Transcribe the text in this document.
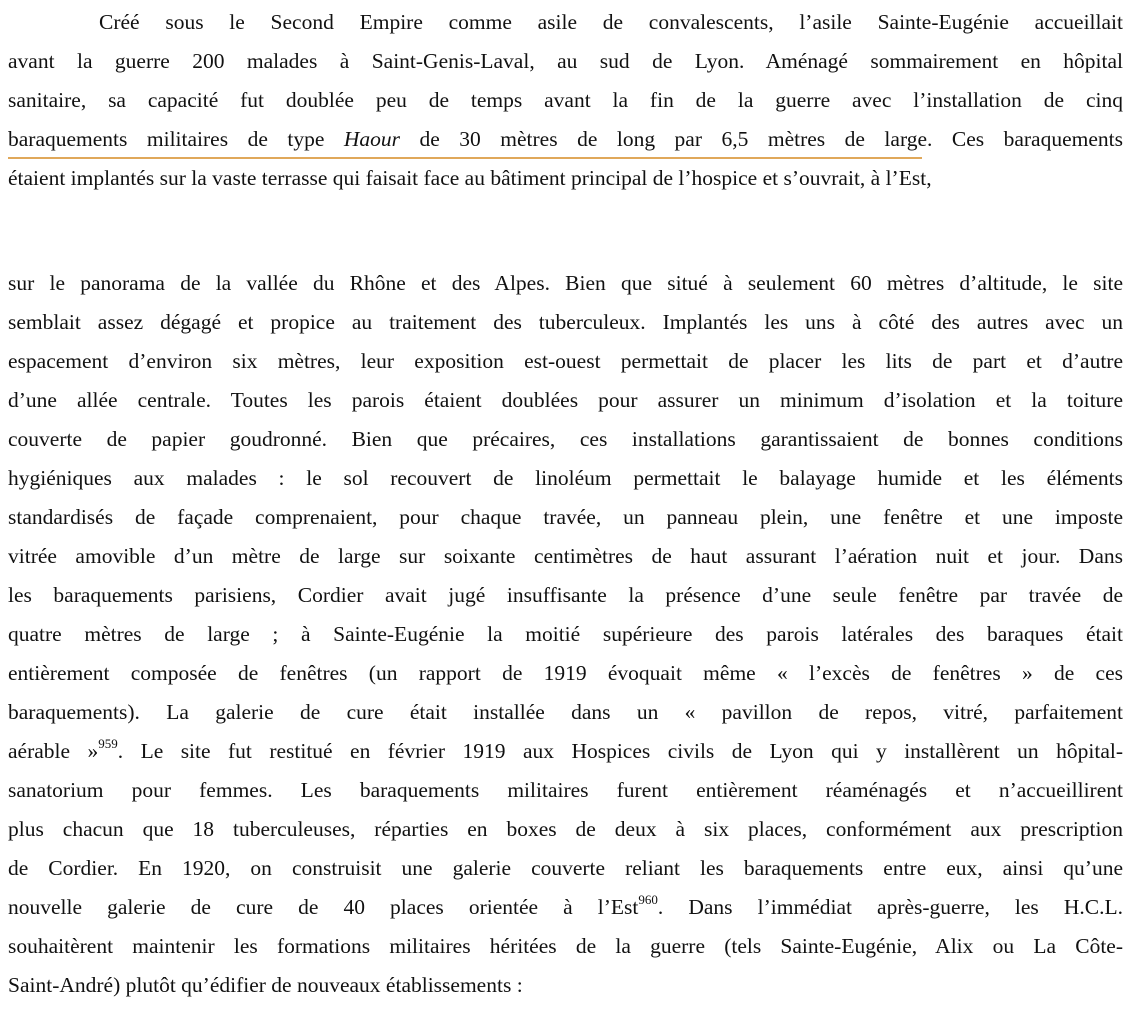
Créé sous le Second Empire comme asile de convalescents, l’asile Sainte-Eugénie accueillait
avant la guerre 200 malades à Saint-Genis-Laval, au sud de Lyon. Aménagé sommairement en hôpital
sanitaire, sa capacité fut doublée peu de temps avant la fin de la guerre avec l’installation de cinq
baraquements militaires de type Haour de 30 mètres de long par 6,5 mètres de large. Ces baraquements
étaient implantés sur la vaste terrasse qui faisait face au bâtiment principal de l’hospice et s’ouvrait, à l’Est,
sur le panorama de la vallée du Rhône et des Alpes. Bien que situé à seulement 60 mètres d’altitude, le site
semblait assez dégagé et propice au traitement des tuberculeux. Implantés les uns à côté des autres avec un
espacement d’environ six mètres, leur exposition est-ouest permettait de placer les lits de part et d’autre
d’une allée centrale. Toutes les parois étaient doublées pour assurer un minimum d’isolation et la toiture
couverte de papier goudronné. Bien que précaires, ces installations garantissaient de bonnes conditions
hygiéniques aux malades : le sol recouvert de linoléum permettait le balayage humide et les éléments
standardisés de façade comprenaient, pour chaque travée, un panneau plein, une fenêtre et une imposte
vitrée amovible d’un mètre de large sur soixante centimètres de haut assurant l’aération nuit et jour. Dans
les baraquements parisiens, Cordier avait jugé insuffisante la présence d’une seule fenêtre par travée de
quatre mètres de large ; à Sainte-Eugénie la moitié supérieure des parois latérales des baraques était
entièrement composée de fenêtres (un rapport de 1919 évoquait même « l’excès de fenêtres » de ces
baraquements). La galerie de cure était installée dans un « pavillon de repos, vitré, parfaitement
aérable »$^{959}$. Le site fut restitué en février 1919 aux Hospices civils de Lyon qui y installèrent un hôpital-
sanatorium pour femmes. Les baraquements militaires furent entièrement réaménagés et n’accueillirent
plus chacun que 18 tuberculeuses, réparties en boxes de deux à six places, conformément aux prescription
de Cordier. En 1920, on construisit une galerie couverte reliant les baraquements entre eux, ainsi qu’une
nouvelle galerie de cure de 40 places orientée à l’Est$^{960}$. Dans l’immédiat après-guerre, les H.C.L.
souhaitèrent maintenir les formations militaires héritées de la guerre (tels Sainte-Eugénie, Alix ou La Côte-
Saint-André) plutôt qu’édifier de nouveaux établissements :
